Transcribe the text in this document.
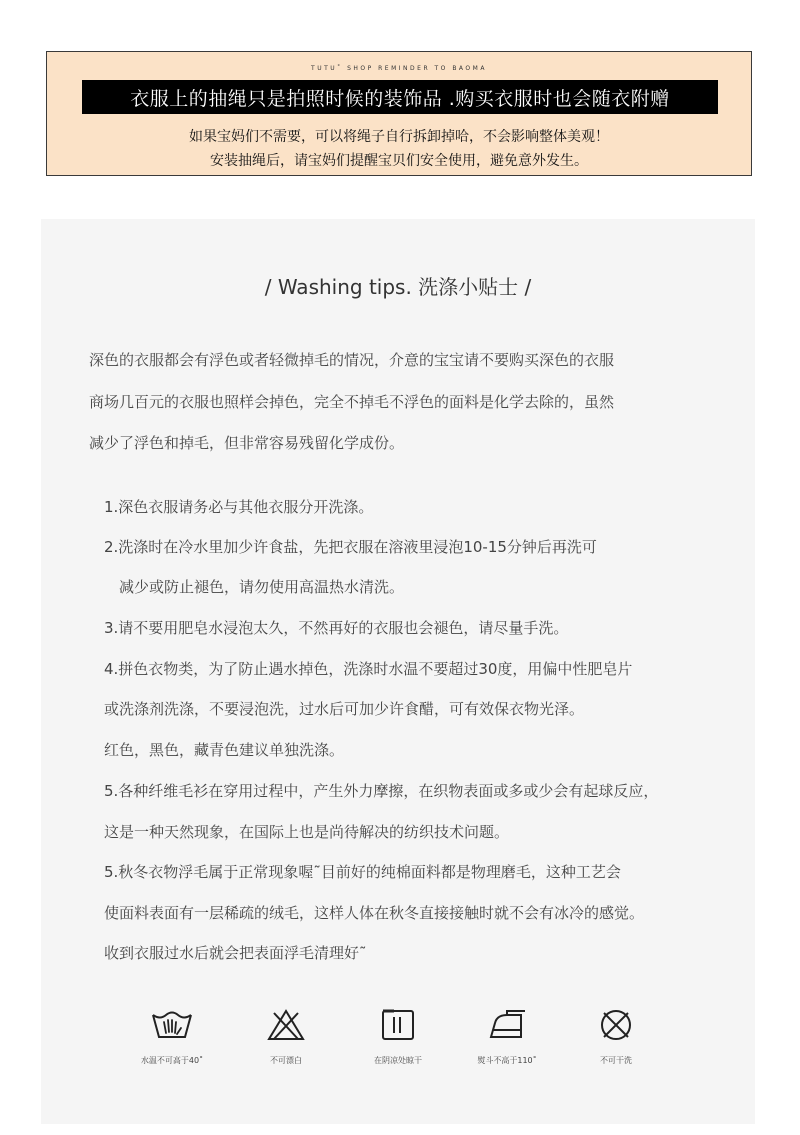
TUTU˚ SHOP REMINDER TO BAOMA
衣服上的抽绳只是拍照时候的装饰品 .购买衣服时也会随衣附赠
如果宝妈们不需要，可以将绳子自行拆卸掉哈，不会影响整体美观！
安装抽绳后，请宝妈们提醒宝贝们安全使用，避免意外发生。
/ Washing tips. 洗涤小贴士 /
深色的衣服都会有浮色或者轻微掉毛的情况，介意的宝宝请不要购买深色的衣服
商场几百元的衣服也照样会掉色，完全不掉毛不浮色的面料是化学去除的，虽然
减少了浮色和掉毛，但非常容易残留化学成份。
1.深色衣服请务必与其他衣服分开洗涤。
2.洗涤时在冷水里加少许食盐，先把衣服在溶液里浸泡10-15分钟后再洗可
减少或防止褪色，请勿使用高温热水清洗。
3.请不要用肥皂水浸泡太久，不然再好的衣服也会褪色，请尽量手洗。
4.拼色衣物类，为了防止遇水掉色，洗涤时水温不要超过30度，用偏中性肥皂片
或洗涤剂洗涤，不要浸泡洗，过水后可加少许食醋，可有效保衣物光泽。
红色，黑色，藏青色建议单独洗涤。
5.各种纤维毛衫在穿用过程中，产生外力摩擦，在织物表面或多或少会有起球反应，
这是一种天然现象，在国际上也是尚待解决的纺织技术问题。
5.秋冬衣物浮毛属于正常现象喔˜目前好的纯棉面料都是物理磨毛，这种工艺会
使面料表面有一层稀疏的绒毛，这样人体在秋冬直接接触时就不会有冰冷的感觉。
收到衣服过水后就会把表面浮毛清理好˜
水温不可高于40˚	不可漂白	在阴凉处晾干	熨斗不高于110˚	不可干洗
